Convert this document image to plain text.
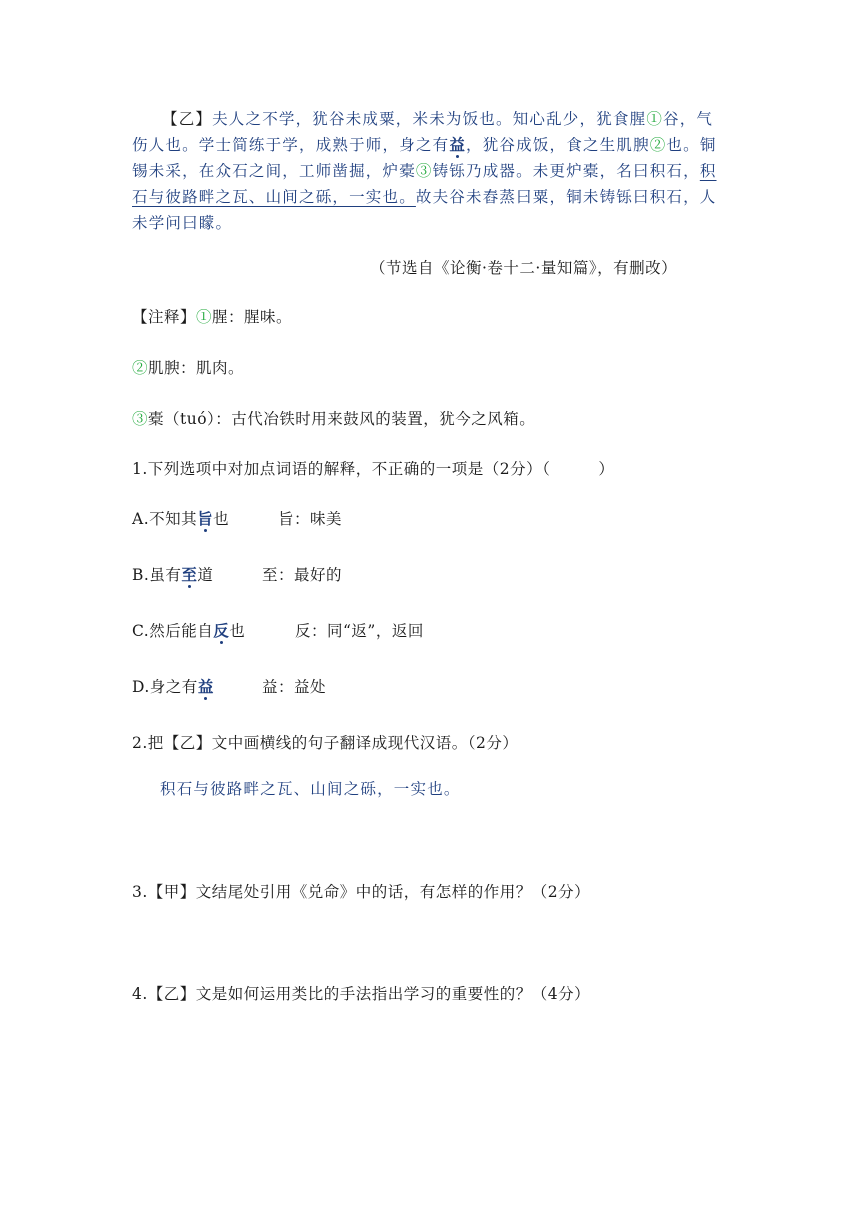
【乙】夫人之不学，犹谷未成粟，米未为饭也。知心乱少，犹食腥①谷，气
伤人也。学士简练于学，成熟于师，身之有益，犹谷成饭，食之生肌腴②也。铜
锡未采，在众石之间，工师凿掘，炉橐③铸铄乃成器。未更炉橐，名曰积石，积
石与彼路畔之瓦、山间之砾，一实也。故夫谷未舂蒸曰粟，铜未铸铄曰积石，人
未学问曰矇。
（节选自《论衡·卷十二·量知篇》，有删改）
【注释】①腥：腥味。
②肌腴：肌肉。
③橐（tuó）：古代冶铁时用来鼓风的装置，犹今之风箱。
1.下列选项中对加点词语的解释，不正确的一项是（2分）（　　　）
A.不知其旨也	旨：味美
B.虽有至道	至：最好的
C.然后能自反也	反：同“返”，返回
D.身之有益	益：益处
2.把【乙】文中画横线的句子翻译成现代汉语。（2分）
积石与彼路畔之瓦、山间之砾，一实也。
3.【甲】文结尾处引用《兑命》中的话，有怎样的作用？（2分）
4.【乙】文是如何运用类比的手法指出学习的重要性的？（4分）
